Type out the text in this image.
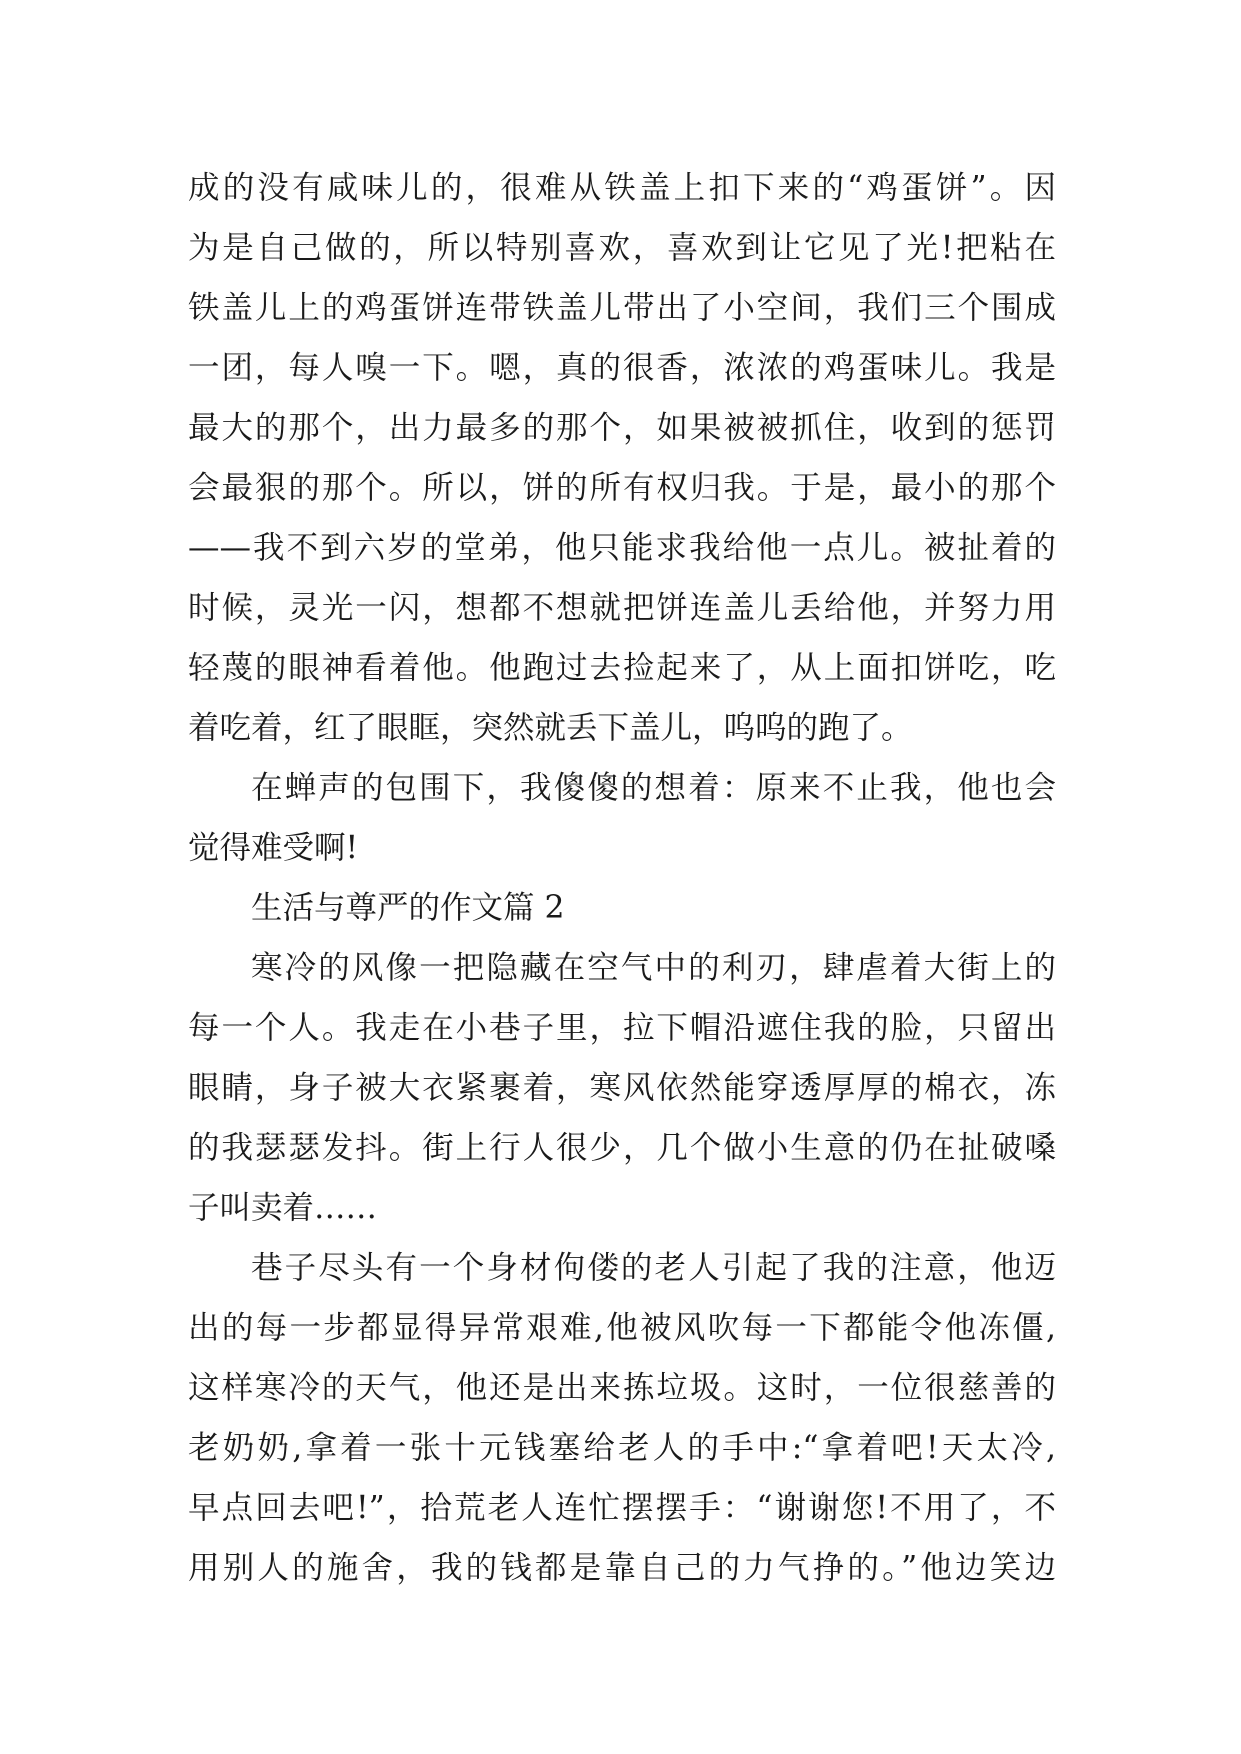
成的没有咸味儿的，很难从铁盖上扣下来的“鸡蛋饼”。因
为是自己做的，所以特别喜欢，喜欢到让它见了光!把粘在
铁盖儿上的鸡蛋饼连带铁盖儿带出了小空间，我们三个围成
一团，每人嗅一下。嗯，真的很香，浓浓的鸡蛋味儿。我是
最大的那个，出力最多的那个，如果被被抓住，收到的惩罚
会最狠的那个。所以，饼的所有权归我。于是，最小的那个
——我不到六岁的堂弟，他只能求我给他一点儿。被扯着的
时候，灵光一闪，想都不想就把饼连盖儿丢给他，并努力用
轻蔑的眼神看着他。他跑过去捡起来了，从上面扣饼吃，吃
着吃着，红了眼眶，突然就丢下盖儿，呜呜的跑了。
在蝉声的包围下，我傻傻的想着：原来不止我，他也会
觉得难受啊!
生活与尊严的作文篇 2
寒冷的风像一把隐藏在空气中的利刃，肆虐着大街上的
每一个人。我走在小巷子里，拉下帽沿遮住我的脸，只留出
眼睛，身子被大衣紧裹着，寒风依然能穿透厚厚的棉衣，冻
的我瑟瑟发抖。街上行人很少，几个做小生意的仍在扯破嗓
子叫卖着……
巷子尽头有一个身材佝偻的老人引起了我的注意，他迈
出的每一步都显得异常艰难,他被风吹每一下都能令他冻僵,
这样寒冷的天气，他还是出来拣垃圾。这时，一位很慈善的
老奶奶,拿着一张十元钱塞给老人的手中:“拿着吧!天太冷,
早点回去吧!”，拾荒老人连忙摆摆手：“谢谢您!不用了，不
用别人的施舍，我的钱都是靠自己的力气挣的。”他边笑边
